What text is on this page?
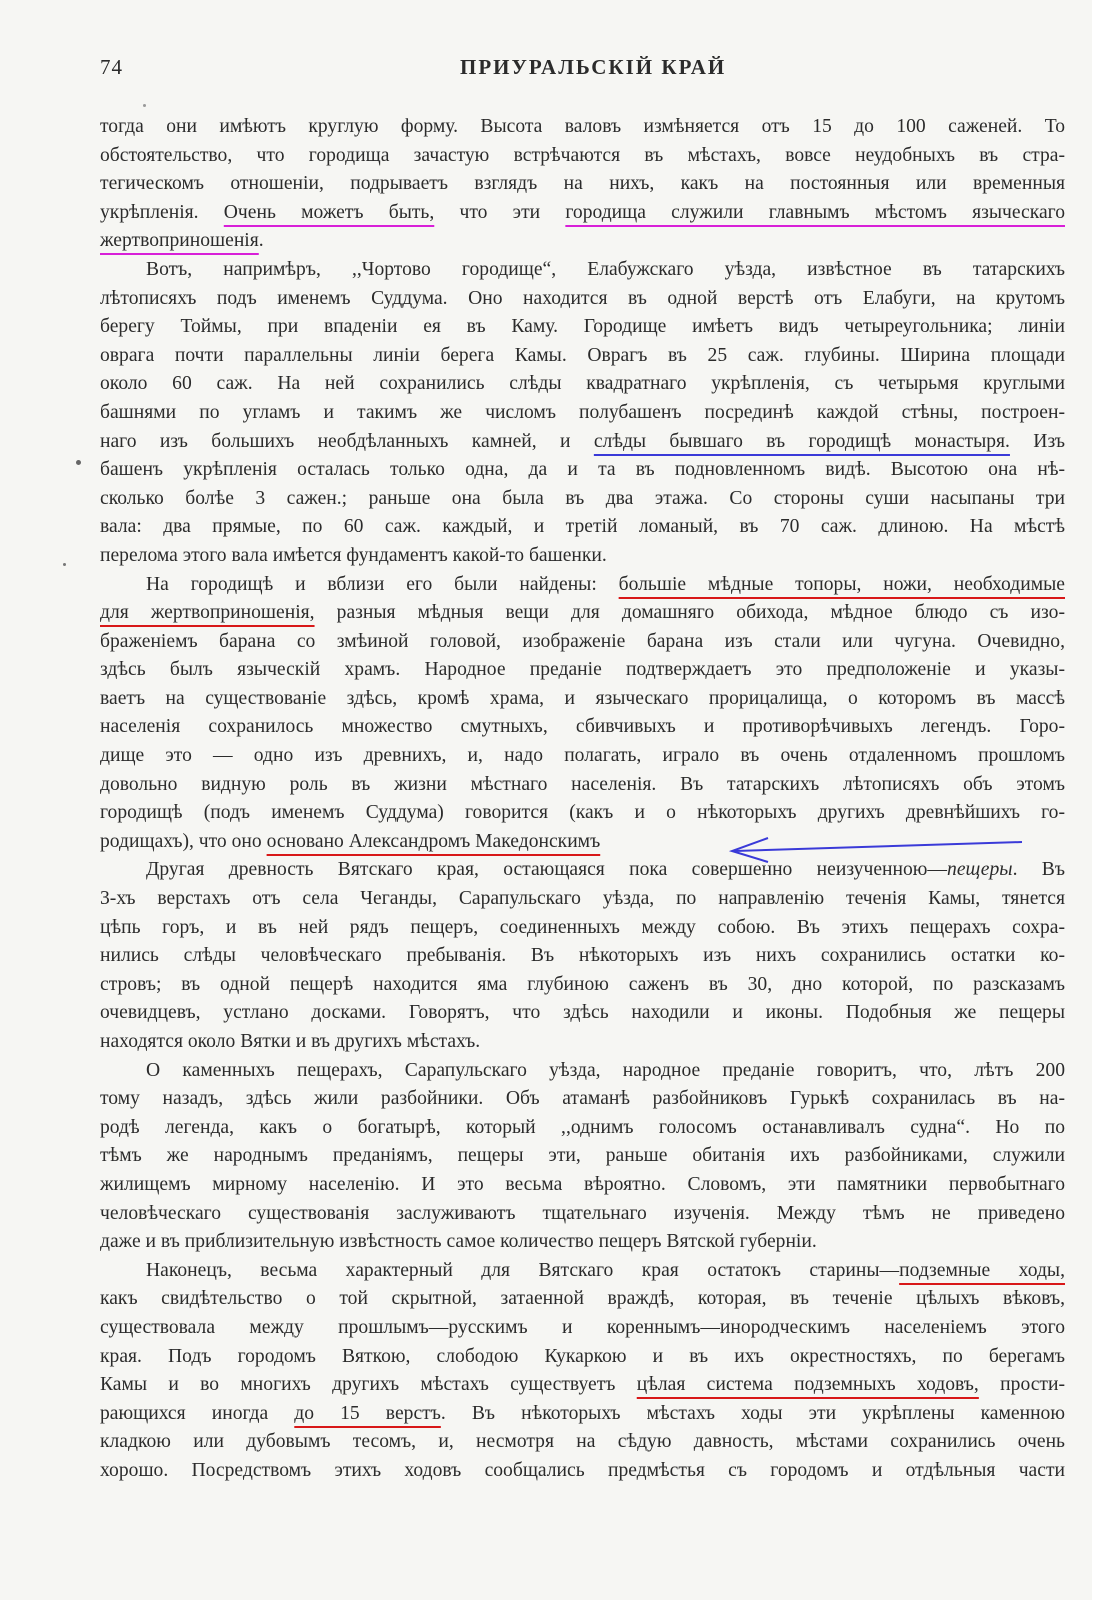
74	ПРИУРАЛЬСКІЙ КРАЙ
тогда они имѣютъ круглую форму. Высота валовъ измѣняется отъ 15 до 100 саженей. То
обстоятельство, что городища зачастую встрѣчаются въ мѣстахъ, вовсе неудобныхъ въ стра-
тегическомъ отношеніи, подрываетъ взглядъ на нихъ, какъ на постоянныя или временныя
укрѣпленія. Очень можетъ быть, что эти городища служили главнымъ мѣстомъ языческаго
жертвоприношенія.
Вотъ, напримѣръ, ,,Чортово городище“, Елабужскаго уѣзда, извѣстное въ татарскихъ
лѣтописяхъ подъ именемъ Суддума. Оно находится въ одной верстѣ отъ Елабуги, на крутомъ
берегу Тоймы, при впаденіи ея въ Каму. Городище имѣетъ видъ четыреугольника; линіи
оврага почти параллельны линіи берега Камы. Оврагъ въ 25 саж. глубины. Ширина площади
около 60 саж. На ней сохранились слѣды квадратнаго укрѣпленія, съ четырьмя круглыми
башнями по угламъ и такимъ же числомъ полубашенъ посрединѣ каждой стѣны, построен-
наго изъ большихъ необдѣланныхъ камней, и слѣды бывшаго въ городищѣ монастыря. Изъ
башенъ укрѣпленія осталась только одна, да и та въ подновленномъ видѣ. Высотою она нѣ-
сколько болѣе 3 сажен.; раньше она была въ два этажа. Со стороны суши насыпаны три
вала: два прямые, по 60 саж. каждый, и третій ломаный, въ 70 саж. длиною. На мѣстѣ
перелома этого вала имѣется фундаментъ какой-то башенки.
На городищѣ и вблизи его были найдены: большіе мѣдные топоры, ножи, необходимые
для жертвоприношенія, разныя мѣдныя вещи для домашняго обихода, мѣдное блюдо съ изо-
браженіемъ барана со змѣиной головой, изображеніе барана изъ стали или чугуна. Очевидно,
здѣсь былъ языческій храмъ. Народное преданіе подтверждаетъ это предположеніе и указы-
ваетъ на существованіе здѣсь, кромѣ храма, и языческаго прорицалища, о которомъ въ массѣ
населенія сохранилось множество смутныхъ, сбивчивыхъ и противорѣчивыхъ легендъ. Горо-
дище это — одно изъ древнихъ, и, надо полагать, играло въ очень отдаленномъ прошломъ
довольно видную роль въ жизни мѣстнаго населенія. Въ татарскихъ лѣтописяхъ объ этомъ
городищѣ (подъ именемъ Суддума) говорится (какъ и о нѣкоторыхъ другихъ древнѣйшихъ го-
родищахъ), что оно основано Александромъ Македонскимъ
Другая древность Вятскаго края, остающаяся пока совершенно неизученною—пещеры. Въ
3-хъ верстахъ отъ села Чеганды, Сарапульскаго уѣзда, по направленію теченія Камы, тянется
цѣпь горъ, и въ ней рядъ пещеръ, соединенныхъ между собою. Въ этихъ пещерахъ сохра-
нились слѣды человѣческаго пребыванія. Въ нѣкоторыхъ изъ нихъ сохранились остатки ко-
стровъ; въ одной пещерѣ находится яма глубиною саженъ въ 30, дно которой, по разсказамъ
очевидцевъ, устлано досками. Говорятъ, что здѣсь находили и иконы. Подобныя же пещеры
находятся около Вятки и въ другихъ мѣстахъ.
О каменныхъ пещерахъ, Сарапульскаго уѣзда, народное преданіе говоритъ, что, лѣтъ 200
тому назадъ, здѣсь жили разбойники. Объ атаманѣ разбойниковъ Гурькѣ сохранилась въ на-
родѣ легенда, какъ о богатырѣ, который ,,однимъ голосомъ останавливалъ судна“. Но по
тѣмъ же народнымъ преданіямъ, пещеры эти, раньше обитанія ихъ разбойниками, служили
жилищемъ мирному населенію. И это весьма вѣроятно. Словомъ, эти памятники первобытнаго
человѣческаго существованія заслуживаютъ тщательнаго изученія. Между тѣмъ не приведено
даже и въ приблизительную извѣстность самое количество пещеръ Вятской губерніи.
Наконецъ, весьма характерный для Вятскаго края остатокъ старины—подземные ходы,
какъ свидѣтельство о той скрытной, затаенной враждѣ, которая, въ теченіе цѣлыхъ вѣковъ,
существовала между прошлымъ—русскимъ и кореннымъ—инородческимъ населеніемъ этого
края. Подъ городомъ Вяткою, слободою Кукаркою и въ ихъ окрестностяхъ, по берегамъ
Камы и во многихъ другихъ мѣстахъ существуетъ цѣлая система подземныхъ ходовъ, прости-
рающихся иногда до 15 верстъ. Въ нѣкоторыхъ мѣстахъ ходы эти укрѣплены каменною
кладкою или дубовымъ тесомъ, и, несмотря на сѣдую давность, мѣстами сохранились очень
хорошо. Посредствомъ этихъ ходовъ сообщались предмѣстья съ городомъ и отдѣльныя части
